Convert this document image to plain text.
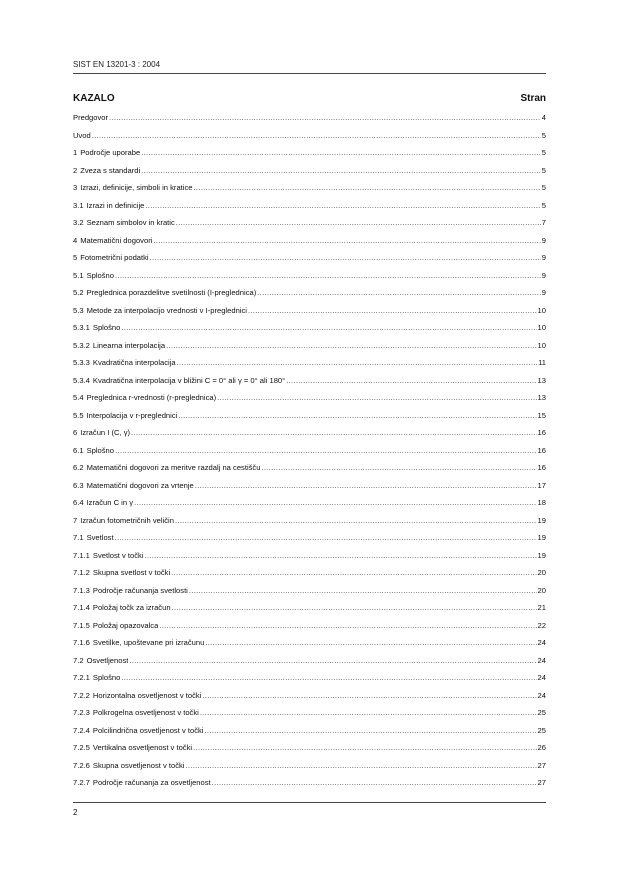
SIST EN 13201-3 : 2004
KAZALO	Stran
Predgovor .....	4
Uvod .....	5
1 Področje uporabe .....	5
2 Zveza s standardi .....	5
3 Izrazi, definicije, simboli in kratice .....	5
3.1 Izrazi in definicije .....	5
3.2 Seznam simbolov in kratic .....	7
4 Matematični dogovori .....	9
5 Fotometrični podatki .....	9
5.1 Splošno .....	9
5.2 Preglednica porazdelitve svetilnosti (I-preglednica) .....	9
5.3 Metode za interpolacijo vrednosti v I-preglednici .....	10
5.3.1 Splošno .....	10
5.3.2 Linearna interpolacija .....	10
5.3.3 Kvadratična interpolacija .....	11
5.3.4 Kvadratična interpolacija v bližini C = 0° ali γ = 0° ali 180° .....	13
5.4 Preglednica r-vrednosti (r-preglednica) .....	13
5.5 Interpolacija v r-preglednici .....	15
6 Izračun I (C, γ) .....	16
6.1 Splošno .....	16
6.2 Matematični dogovori za meritve razdalj na cestišču .....	16
6.3 Matematični dogovori za vrtenje .....	17
6.4 Izračun C in γ .....	18
7 Izračun fotometričnih veličin .....	19
7.1 Svetlost .....	19
7.1.1 Svetlost v točki .....	19
7.1.2 Skupna svetlost v točki .....	20
7.1.3 Področje računanja svetlosti .....	20
7.1.4 Položaj točk za izračun .....	21
7.1.5 Položaj opazovalca .....	22
7.1.6 Svetilke, upoštevane pri izračunu .....	24
7.2 Osvetljenost .....	24
7.2.1 Splošno .....	24
7.2.2 Horizontalna osvetljenost v točki .....	24
7.2.3 Polkrogelna osvetljenost v točki .....	25
7.2.4 Polcilindrična osvetljenost v točki .....	25
7.2.5 Vertikalna osvetljenost v točki .....	26
7.2.6 Skupna osvetljenost v točki .....	27
7.2.7 Področje računanja za osvetljenost .....	27
2
